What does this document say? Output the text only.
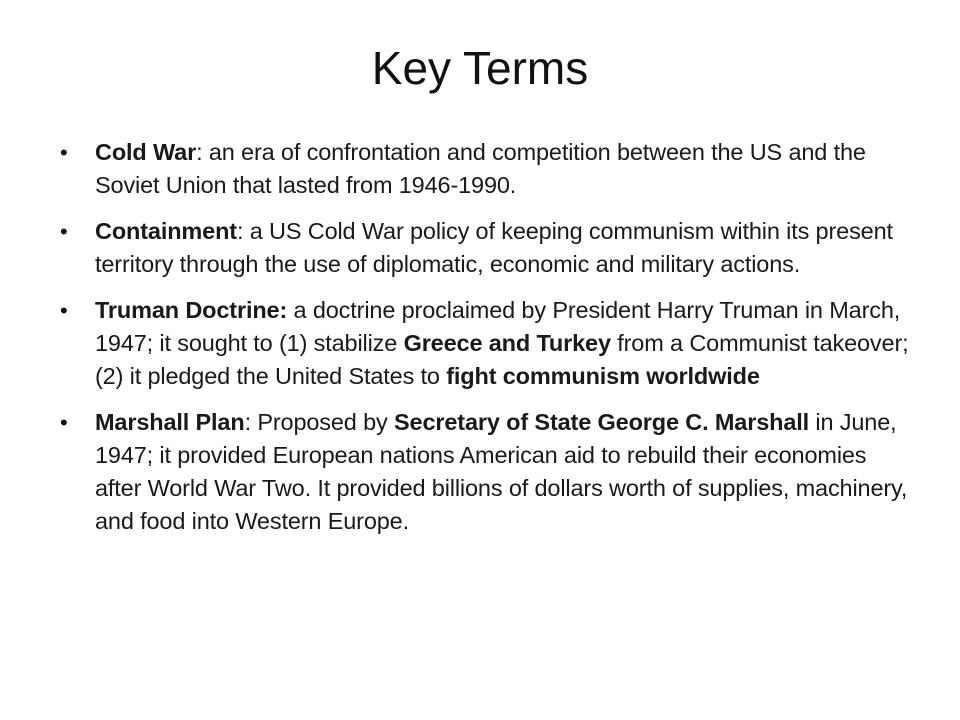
Key Terms
• Cold War: an era of confrontation and competition between the US and the Soviet Union that lasted from 1946-1990.
• Containment: a US Cold War policy of keeping communism within its present territory through the use of diplomatic, economic and military actions.
• Truman Doctrine: a doctrine proclaimed by President Harry Truman in March, 1947; it sought to (1) stabilize Greece and Turkey from a Communist takeover; (2) it pledged the United States to fight communism worldwide
• Marshall Plan: Proposed by Secretary of State George C. Marshall in June, 1947; it provided European nations American aid to rebuild their economies after World War Two. It provided billions of dollars worth of supplies, machinery, and food into Western Europe.
